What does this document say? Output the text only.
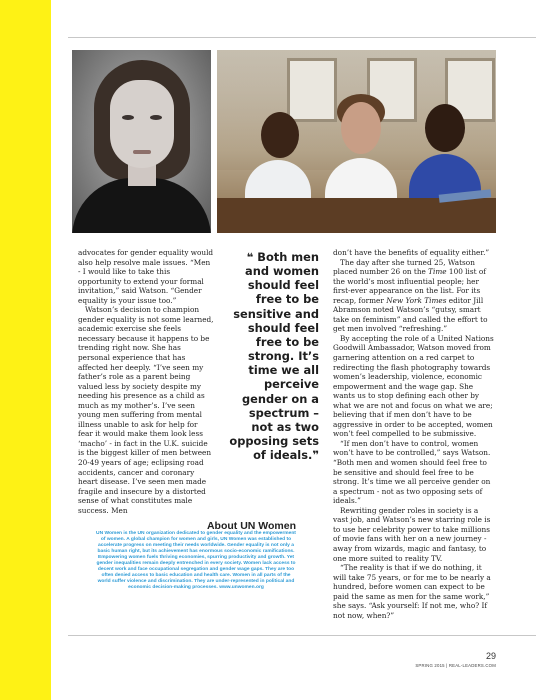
advocates for gender equality would also help resolve male issues. “Men - I would like to take this opportunity to extend your formal invitation,” said Watson. “Gender equality is your issue too.”

Watson’s decision to champion gender equality is not some learned, academic exercise she feels necessary because it happens to be trending right now. She has personal experience that has affected her deeply. “I’ve seen my father’s role as a parent being valued less by society despite my needing his presence as a child as much as my mother’s. I’ve seen young men suffering from mental illness unable to ask for help for fear it would make them look less ‘macho’ - in fact in the U.K. suicide is the biggest killer of men between 20-49 years of age; eclipsing road accidents, cancer and coronary heart disease. I’ve seen men made fragile and insecure by a distorted sense of what constitutes male success. Men

❝ Both men and women should feel free to be sensitive and should feel free to be strong. It’s time we all perceive gender on a spectrum – not as two opposing sets of ideals.❞

don’t have the benefits of equality either.”

The day after she turned 25, Watson placed number 26 on the Time 100 list of the world’s most influential people; her first-ever appearance on the list. For its recap, former New York Times editor Jill Abramson noted Watson’s “gutsy, smart take on feminism” and called the effort to get men involved “refreshing.”

By accepting the role of a United Nations Goodwill Ambassador, Watson moved from garnering attention on a red carpet to redirecting the flash photography towards women’s leadership, violence, economic empowerment and the wage gap. She wants us to stop defining each other by what we are not and focus on what we are; believing that if men don’t have to be aggressive in order to be accepted, women won’t feel compelled to be submissive.

“If men don’t have to control, women won’t have to be controlled,” says Watson. “Both men and women should feel free to be sensitive and should feel free to be strong. It’s time we all perceive gender on a spectrum - not as two opposing sets of ideals.”

Rewriting gender roles in society is a vast job, and Watson’s new starring role is to use her celebrity power to take millions of movie fans with her on a new journey - away from wizards, magic and fantasy, to one more suited to reality TV.

“The reality is that if we do nothing, it will take 75 years, or for me to be nearly a hundred, before women can expect to be paid the same as men for the same work,” she says. “Ask yourself: If not me, who? If not now, when?”

About UN Women
UN Women is the UN organization dedicated to gender equality and the empowerment of women. A global champion for women and girls, UN Women was established to accelerate progress on meeting their needs worldwide. Gender equality is not only a basic human right, but its achievement has enormous socio-economic ramifications. Empowering women fuels thriving economies, spurring productivity and growth. Yet gender inequalities remain deeply entrenched in every society. Women lack access to decent work and face occupational segregation and gender wage gaps. They are too often denied access to basic education and health care. Women in all parts of the world suffer violence and discrimination. They are under-represented in political and economic decision-making processes. www.unwomen.org
29
SPRING 2015 | REAL-LEADERS.COM
